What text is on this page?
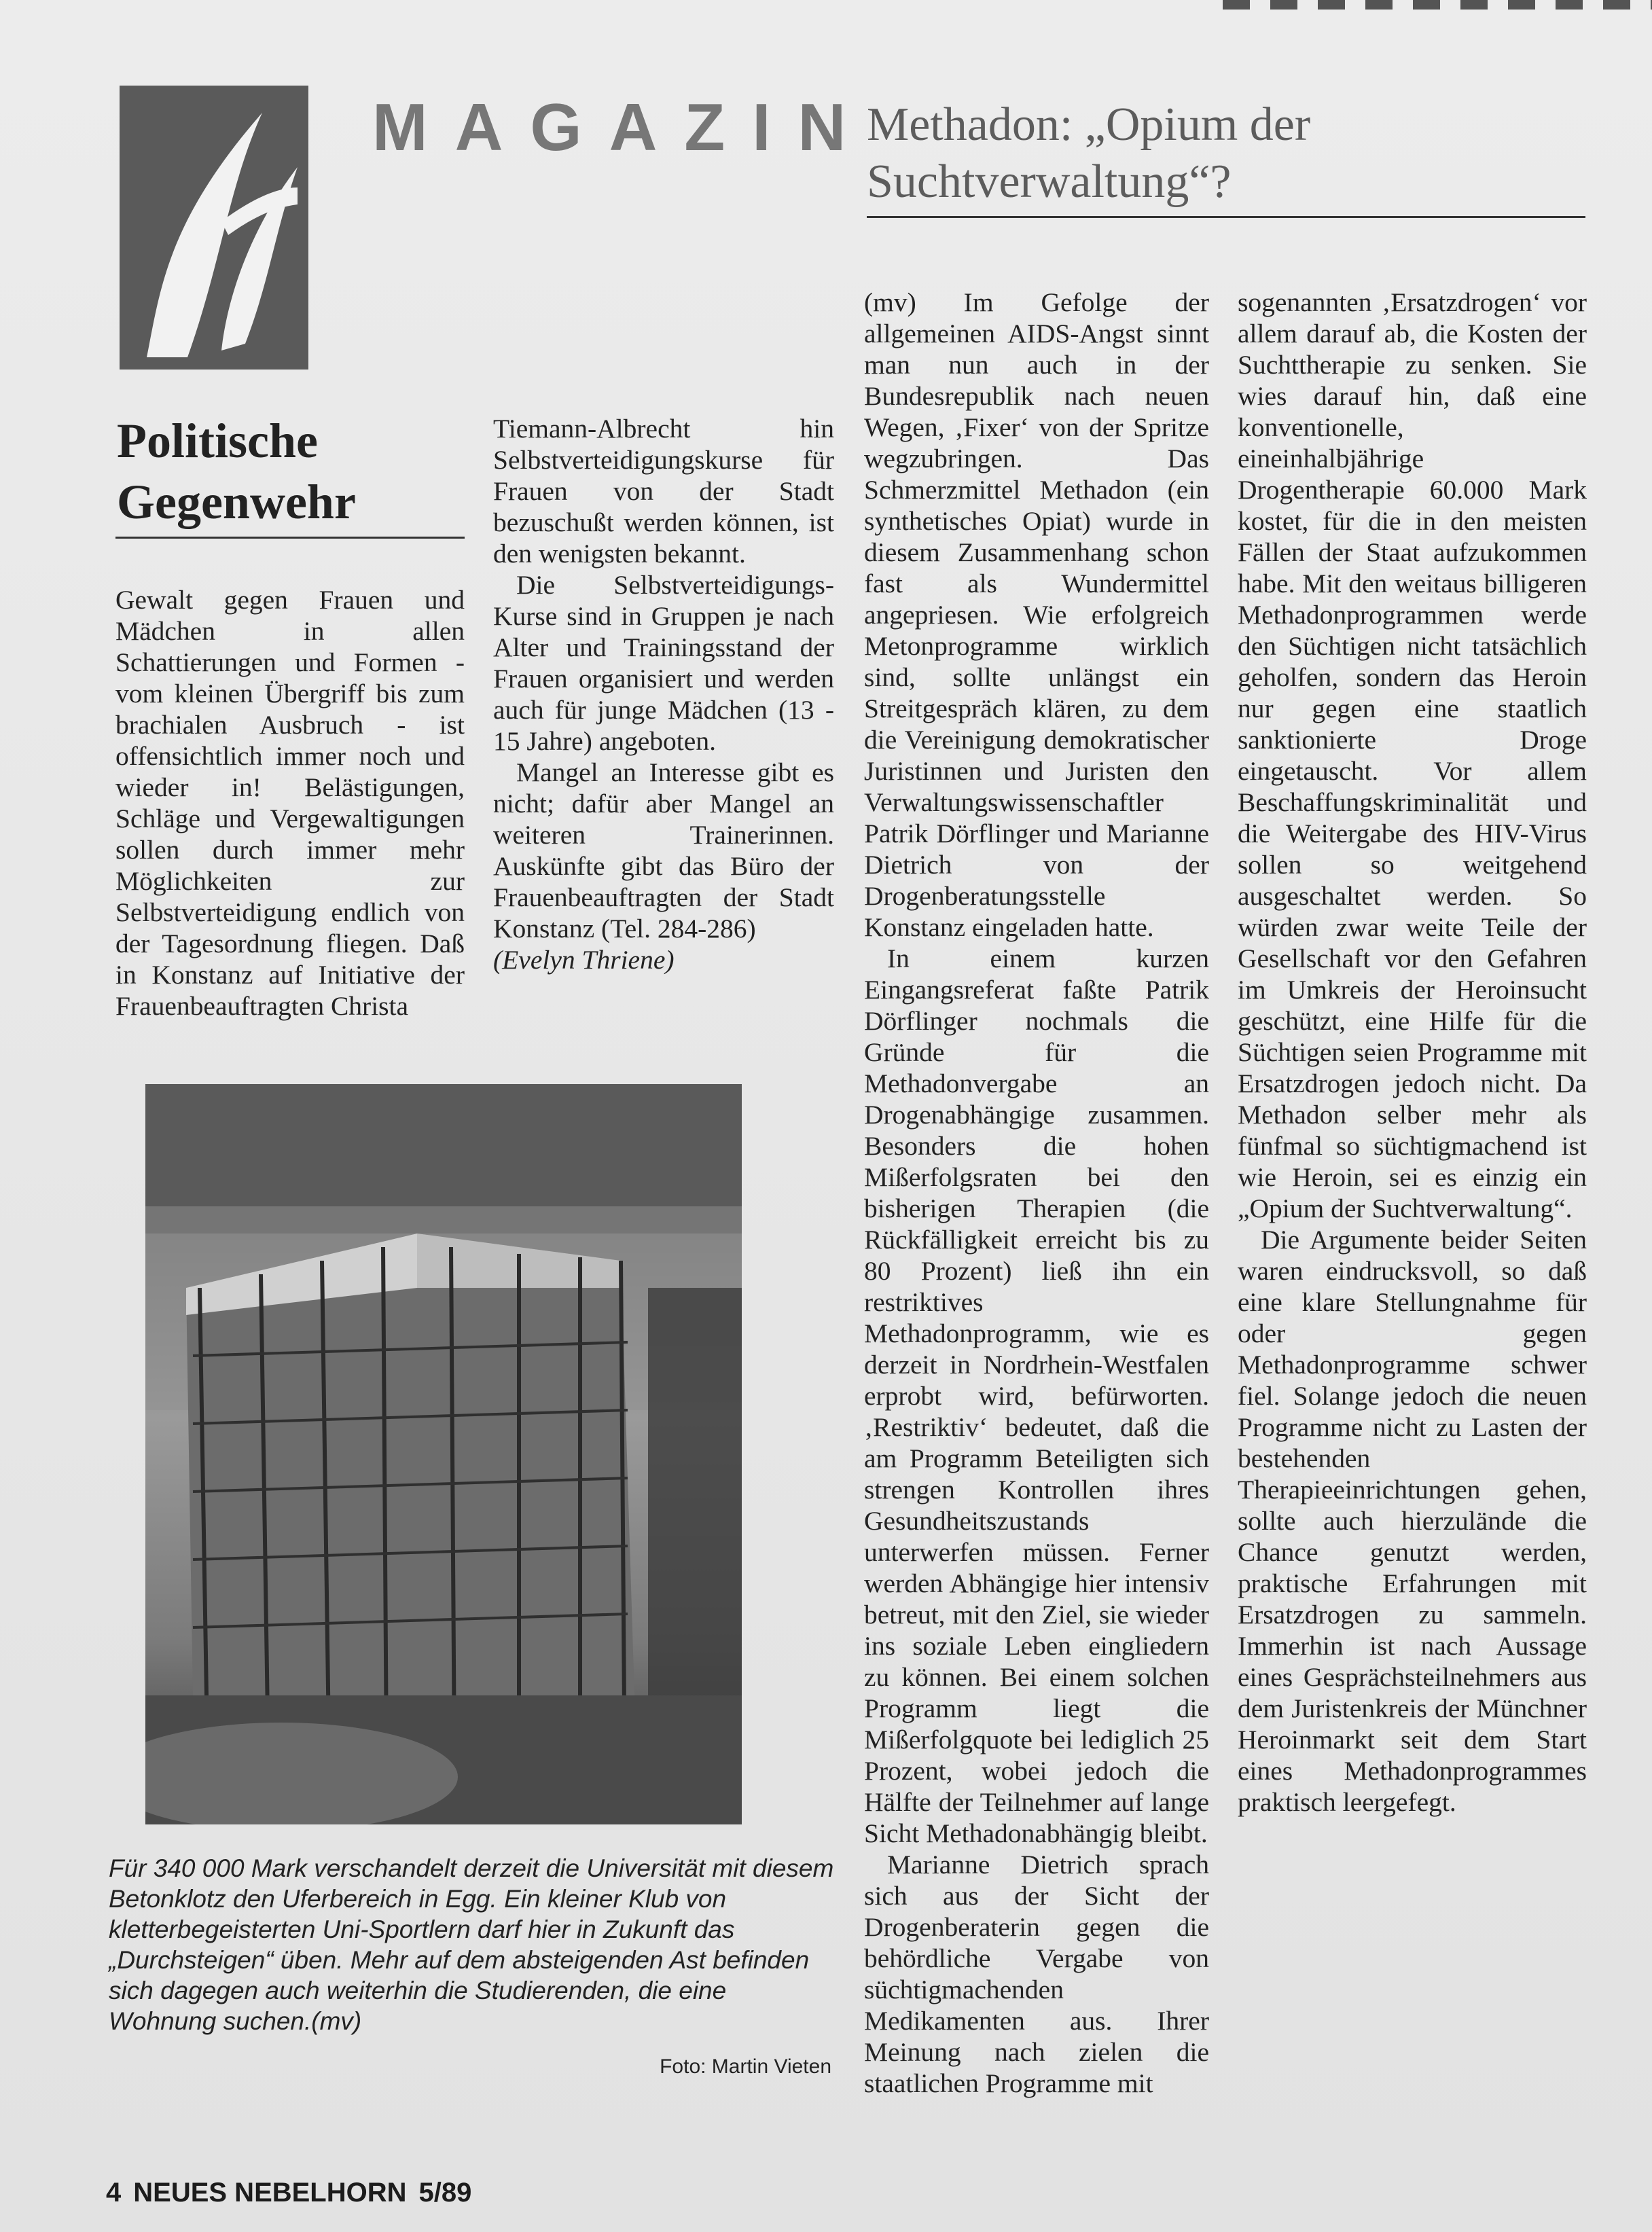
MAGAZIN
Methadon: „Opium der
Suchtverwaltung“?
Politische
Gegenwehr

Gewalt gegen Frauen und Mädchen in allen Schattierungen und Formen - vom kleinen Übergriff bis zum brachialen Ausbruch - ist offensichtlich immer noch und wieder in! Belästigungen, Schläge und Vergewaltigungen sollen durch immer mehr Möglichkeiten zur Selbstverteidigung endlich von der Tagesordnung fliegen. Daß in Konstanz auf Initiative der Frauenbeauftragten Christa

Tiemann-Albrecht hin Selbstverteidigungskurse für Frauen von der Stadt bezuschußt werden können, ist den wenigsten bekannt.

Die Selbstverteidigungs-Kurse sind in Gruppen je nach Alter und Trainingsstand der Frauen organisiert und werden auch für junge Mädchen (13 - 15 Jahre) angeboten.

Mangel an Interesse gibt es nicht; dafür aber Mangel an weiteren Trainerinnen. Auskünfte gibt das Büro der Frauenbeauftragten der Stadt Konstanz (Tel. 284-286)

(Evelyn Thriene)

Für 340 000 Mark verschandelt derzeit die Universität mit diesem Betonklotz den Uferbereich in Egg. Ein kleiner Klub von kletterbegeisterten Uni-Sportlern darf hier in Zukunft das „Durchsteigen“ üben. Mehr auf dem absteigenden Ast befinden sich dagegen auch weiterhin die Studierenden, die eine Wohnung suchen.(mv)
Foto: Martin Vieten

(mv) Im Gefolge der allgemeinen AIDS-Angst sinnt man nun auch in der Bundesrepublik nach neuen Wegen, ‚Fixer‘ von der Spritze wegzubringen. Das Schmerzmittel Methadon (ein synthetisches Opiat) wurde in diesem Zusammenhang schon fast als Wundermittel angepriesen. Wie erfolgreich Metonprogramme wirklich sind, sollte unlängst ein Streitgespräch klären, zu dem die Vereinigung demokratischer Juristinnen und Juristen den Verwaltungswissenschaftler Patrik Dörflinger und Marianne Dietrich von der Drogenberatungsstelle Konstanz eingeladen hatte.

In einem kurzen Eingangsreferat faßte Patrik Dörflinger nochmals die Gründe für die Methadonvergabe an Drogenabhängige zusammen. Besonders die hohen Mißerfolgsraten bei den bisherigen Therapien (die Rückfälligkeit erreicht bis zu 80 Prozent) ließ ihn ein restriktives Methadonprogramm, wie es derzeit in Nordrhein-Westfalen erprobt wird, befürworten. ‚Restriktiv‘ bedeutet, daß die am Programm Beteiligten sich strengen Kontrollen ihres Gesundheitszustands unterwerfen müssen. Ferner werden Abhängige hier intensiv betreut, mit den Ziel, sie wieder ins soziale Leben eingliedern zu können. Bei einem solchen Programm liegt die Mißerfolgquote bei lediglich 25 Prozent, wobei jedoch die Hälfte der Teilnehmer auf lange Sicht Methadonabhängig bleibt.

Marianne Dietrich sprach sich aus der Sicht der Drogenberaterin gegen die behördliche Vergabe von süchtigmachenden Medikamenten aus. Ihrer Meinung nach zielen die staatlichen Programme mit

sogenannten ‚Ersatzdrogen‘ vor allem darauf ab, die Kosten der Suchttherapie zu senken. Sie wies darauf hin, daß eine konventionelle, eineinhalbjährige Drogentherapie 60.000 Mark kostet, für die in den meisten Fällen der Staat aufzukommen habe. Mit den weitaus billigeren Methadonprogrammen werde den Süchtigen nicht tatsächlich geholfen, sondern das Heroin nur gegen eine staatlich sanktionierte Droge eingetauscht. Vor allem Beschaffungskriminalität und die Weitergabe des HIV-Virus sollen so weitgehend ausgeschaltet werden. So würden zwar weite Teile der Gesellschaft vor den Gefahren im Umkreis der Heroinsucht geschützt, eine Hilfe für die Süchtigen seien Programme mit Ersatzdrogen jedoch nicht. Da Methadon selber mehr als fünfmal so süchtigmachend ist wie Heroin, sei es einzig ein „Opium der Suchtverwaltung“.

Die Argumente beider Seiten waren eindrucksvoll, so daß eine klare Stellungnahme für oder gegen Methadonprogramme schwer fiel. Solange jedoch die neuen Programme nicht zu Lasten der bestehenden Therapieeinrichtungen gehen, sollte auch hierzulände die Chance genutzt werden, praktische Erfahrungen mit Ersatzdrogen zu sammeln. Immerhin ist nach Aussage eines Gesprächsteilnehmers aus dem Juristenkreis der Münchner Heroinmarkt seit dem Start eines Methadonprogrammes praktisch leergefegt.

4 NEUES NEBELHORN 5/89
